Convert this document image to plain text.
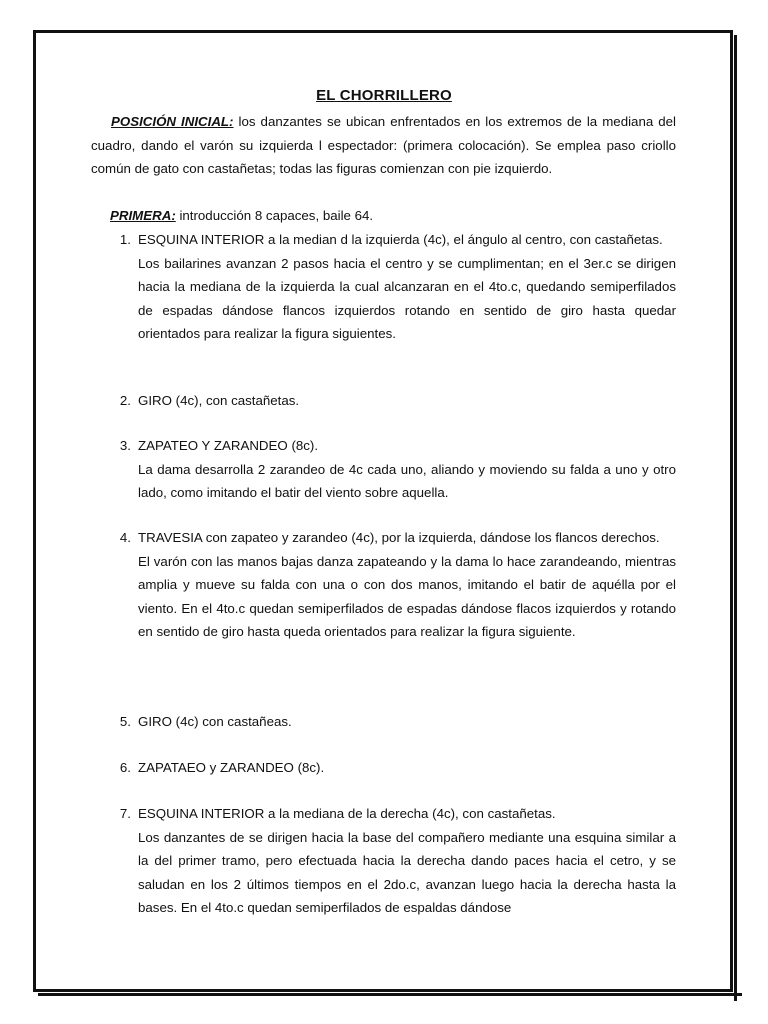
EL CHORRILLERO

POSICIÓN INICIAL: los danzantes se ubican enfrentados en los extremos de la mediana del cuadro, dando el varón su izquierda l espectador: (primera colocación). Se emplea paso criollo común de gato con castañetas; todas las figuras comienzan con pie izquierdo.

PRIMERA: introducción 8 capaces, baile 64.

1. ESQUINA INTERIOR a la median d la izquierda (4c), el ángulo al centro, con castañetas.

Los bailarines avanzan 2 pasos hacia el centro y se cumplimentan; en el 3er.c se dirigen hacia la mediana de la izquierda la cual alcanzaran en el 4to.c, quedando semiperfilados de espadas dándose flancos izquierdos rotando en sentido de giro hasta quedar orientados para realizar la figura siguientes.

2. GIRO (4c), con castañetas.

3. ZAPATEO Y ZARANDEO (8c).

La dama desarrolla 2 zarandeo de 4c cada uno, aliando y moviendo su falda a uno y otro lado, como imitando el batir del viento sobre aquella.

4. TRAVESIA con zapateo y zarandeo (4c), por la izquierda, dándose los flancos derechos.

El varón con las manos bajas danza zapateando y la dama lo hace zarandeando, mientras amplia y mueve su falda con una o con dos manos, imitando el batir de aquélla por el viento. En el 4to.c quedan semiperfilados de espadas dándose flacos izquierdos y rotando en sentido de giro hasta queda orientados para realizar la figura siguiente.

5. GIRO (4c) con castañeas.

6. ZAPATAEO y ZARANDEO (8c).

7. ESQUINA INTERIOR a la mediana de la derecha (4c), con castañetas.

Los danzantes de se dirigen hacia la base del compañero mediante una esquina similar a la del primer tramo, pero efectuada hacia la derecha dando paces hacia el cetro, y se saludan en los 2 últimos tiempos en el 2do.c, avanzan luego hacia la derecha hasta la bases. En el 4to.c quedan semiperfilados de espaldas dándose
